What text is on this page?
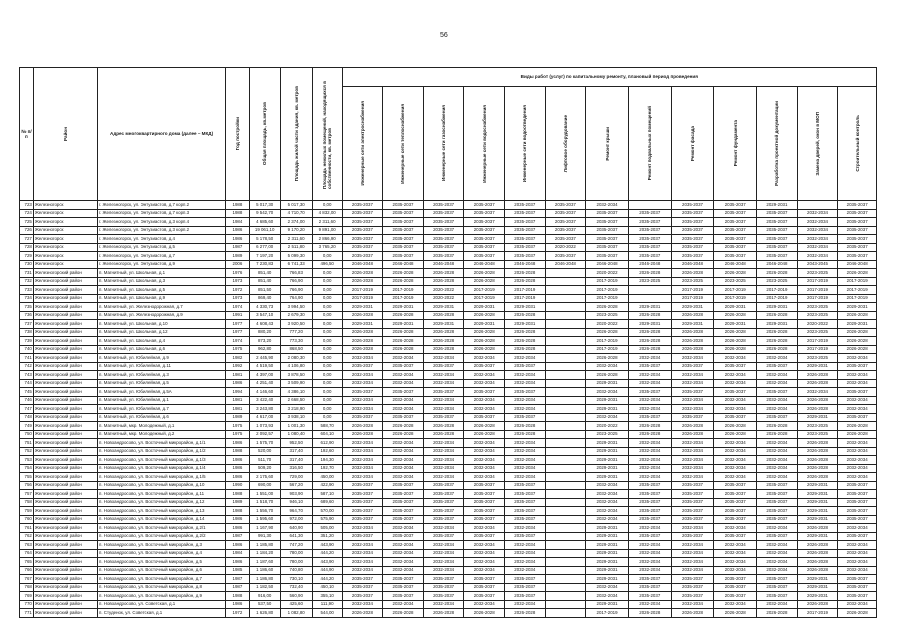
56
№ п/п	Район	Адрес многоквартирного дома (далее – МКД)	Год постройки	Общая площадь, кв.метров	Площадь жилой части здания, кв. метров	Площадь нежилых помещений, находящихся в собственности, кв. метров	Виды работ (услуг) по капитальному ремонту, плановый период проведения												

							Инженерные сети электроснабжения	Инженерные сети теплоснабжения	Инженерные сети газоснабжения	Инженерные сети водоснабжения	Инженерные сети водоотведения	Лифтовое оборудование	Ремонт крыши	Ремонт подвальных помещений	Ремонт фасада	Ремонт фундамента	Разработка проектной документации	Замена дверей, окон в МОП	Строительный контроль

723	Железногорск	г. Железногорск, ул. Энтузиастов, д.7 корп.2	1988	5 017,30	5 017,30	0,00	2035-2037	2035-2037	2035-2037	2035-2037	2035-2037	2035-2037	2032-2034		2035-2037	2035-2037	2029-2031		2035-2037
724	Железногорск	г. Железногорск, ул. Энтузиастов, д.7 корп.3	1988	9 542,70	4 710,70	4 832,00	2035-2037	2035-2037	2035-2037	2035-2037	2035-2037	2035-2037	2035-2037	2035-2037	2035-2037	2035-2037	2035-2037	2032-2034	2035-2037
725	Железногорск	г. Железногорск, ул. Энтузиастов, д.3 корп.4	1984	4 685,60	2 374,00	2 311,60	2035-2037	2035-2037	2035-2037	2035-2037	2035-2037	2035-2037	2035-2037	2035-2037	2035-2037	2035-2037	2035-2037	2032-2034	2035-2037
726	Железногорск	г. Железногорск, ул. Энтузиастов, д.3 корп.2	1986	19 061,10	9 170,20	9 891,00	2035-2037	2035-2037	2035-2037	2035-2037	2035-2037	2035-2037	2035-2037	2035-2037	2035-2037	2035-2037	2035-2037	2032-2034	2035-2037
727	Железногорск	г. Железногорск, ул. Энтузиастов, д.4	1986	5 178,50	2 311,60	2 866,90	2035-2037	2035-2037	2035-2037	2035-2037	2035-2037	2035-2037	2035-2037	2035-2037	2035-2037	2035-2037	2035-2037	2032-2034	2035-2037
728	Железногорск	г. Железногорск, ул. Энтузиастов, д.5	1987	6 277,00	2 511,80	3 765,20	2035-2037	2035-2037	2035-2037	2035-2037	2035-2037	2020-2022	2035-2037	2035-2037	2035-2037	2035-2037	2035-2037	2032-2034	2035-2037
729	Железногорск	г. Железногорск, ул. Энтузиастов, д.7	1989	7 197,20	5 099,30	0,00	2035-2037	2035-2037	2035-2037	2035-2037	2035-2037	2035-2037	2035-2037	2035-2037	2035-2037	2035-2037	2035-2037	2032-2034	2035-2037
730	Железногорск	г. Железногорск, ул. Энтузиастов, д.9	2006	7 230,83	6 741,33	496,50	2046-2048	2046-2048	2046-2048	2046-2048	2046-2048	2046-2048	2046-2048	2046-2048	2046-2048	2046-2048	2046-2048	2043-2045	2046-2048
731	Железногорский район	п. Магнитный, ул. Школьная, д.1	1976	851,40	766,83	0,00	2026-2028	2026-2028	2026-2028	2026-2028	2026-2028		2020-2022	2026-2028	2026-2028	2026-2028	2026-2028	2023-2025	2026-2028
732	Железногорский район	п. Магнитный, ул. Школьная, д.3	1973	851,40	766,90	0,00	2026-2028	2026-2028	2026-2028	2026-2028	2026-2028		2017-2019	2023-2025	2023-2025	2023-2025	2023-2025	2017-2019	2017-2019
733	Железногорский район	п. Магнитный, ул. Школьная, д.5	1972	851,50	766,90	0,00	2017-2019	2017-2019	2020-2022	2017-2019	2017-2019		2017-2019		2017-2019	2017-2019	2017-2019	2017-2019	2017-2019
734	Железногорский район	п. Магнитный, ул. Школьная, д.9	1973	869,40	764,90	0,00	2017-2019	2017-2019	2020-2022	2017-2019	2017-2019		2017-2019		2017-2019	2017-2019	2017-2019	2017-2019	2017-2019
735	Железногорский район	п. Магнитный, ул. Железнодорожная, д.7	1974	4 330,73	3 994,50	0,00	2029-2031	2029-2031	2029-2031	2029-2031	2029-2031		2026-2028	2029-2031	2029-2031	2029-2031	2029-2031	2023-2025	2029-2031
736	Железногорский район	п. Магнитный, ул. Железнодорожная, д.9	1991	3 547,10	2 679,30	0,00	2026-2028	2026-2028	2026-2028	2026-2028	2026-2028		2023-2025	2026-2028	2026-2028	2026-2028	2026-2028	2023-2025	2026-2028
737	Железногорский район	п. Магнитный, ул. Школьная, д.10	1977	4 608,43	3 920,50	0,00	2029-2031	2029-2031	2029-2031	2029-2031	2029-2031		2020-2022	2029-2031	2029-2031	2029-2031	2029-2031	2020-2022	2029-2031
738	Железногорский район	п. Магнитный, ул. Школьная, д.12	1977	880,20	777,20	0,00	2026-2028	2026-2028	2026-2028	2026-2028	2026-2028		2026-2028	2026-2028	2026-2028	2026-2028	2026-2028	2023-2025	2026-2028
739	Железногорский район	п. Магнитный, ул. Школьная, д.4	1974	873,20	773,30	0,00	2026-2028	2026-2028	2026-2028	2026-2028	2026-2028		2017-2019	2026-2028	2026-2028	2026-2028	2026-2028	2017-2019	2026-2028
740	Железногорский район	п. Магнитный, ул. Школьная, д.6	1975	962,80	868,50	0,00	2026-2028	2026-2028	2026-2028	2026-2028	2026-2028		2017-2019	2026-2028	2026-2028	2026-2028	2026-2028	2017-2019	2026-2028
741	Железногорский район	п. Магнитный, ул. Юбилейная, д.9	1982	2 445,90	2 080,30	0,00	2032-2034	2032-2034	2032-2034	2032-2034	2032-2034		2026-2028	2032-2034	2032-2034	2032-2034	2032-2034	2023-2025	2032-2034
742	Железногорский район	п. Магнитный, ул. Юбилейная, д.11	1992	4 519,50	4 106,80	0,00	2035-2037	2035-2037	2035-2037	2035-2037	2035-2037		2032-2034	2035-2037	2035-2037	2035-2037	2035-2037	2029-2031	2035-2037
743	Железногорский район	п. Магнитный, ул. Юбилейная, д.3	1981	4 397,00	3 878,50	0,00	2032-2034	2032-2034	2032-2034	2032-2034	2032-2034		2026-2028	2032-2034	2032-2034	2032-2034	2032-2034	2026-2028	2032-2034
744	Железногорский район	п. Магнитный, ул. Юбилейная, д.5	1986	4 251,40	3 509,90	0,00	2032-2034	2032-2034	2032-2034	2032-2034	2032-2034		2029-2031	2032-2034	2032-2034	2032-2034	2032-2034	2026-2028	2032-2034
745	Железногорский район	п. Магнитный, ул. Юбилейная, д.5А	1994	4 146,60	4 386,10	0,00	2035-2037	2035-2037	2035-2037	2035-2037	2035-2037		2032-2034	2035-2037	2035-2037	2035-2037	2035-2037	2032-2034	2035-2037
746	Железногорский район	п. Магнитный, ул. Юбилейная, д.1	1981	3 422,40	2 668,50	0,00	2032-2034	2032-2034	2032-2034	2032-2034	2032-2034		2029-2031	2032-2034	2032-2034	2032-2034	2032-2034	2026-2028	2032-2034
747	Железногорский район	п. Магнитный, ул. Юбилейная, д.7	1981	3 243,80	3 218,90	0,00	2032-2034	2032-2034	2032-2034	2032-2034	2032-2034		2029-2031	2032-2034	2032-2034	2032-2034	2032-2034	2026-2028	2032-2034
748	Железногорский район	п. Магнитный, ул. Юбилейная, д.6	1989	4 617,00	3 938,10	0,00	2035-2037	2035-2037	2035-2037	2035-2037	2035-2037		2032-2034	2035-2037	2035-2037	2035-2037	2035-2037	2029-2031	2035-2037
749	Железногорский район	п. Магнитный, мкр. Молодежный, д.1	1975	1 073,93	1 001,30	588,70	2026-2028	2026-2028	2026-2028	2026-2028	2026-2028		2020-2022	2026-2028	2026-2028	2026-2028	2026-2028	2023-2025	2026-2028
750	Железногорский район	п. Магнитный, мкр. Молодежный, д.2	1975	2 092,57	1 080,40	604,10	2026-2028	2026-2028	2026-2028	2026-2028	2026-2028		2023-2025	2026-2028	2026-2028	2026-2028	2026-2028	2023-2025	2026-2028
751	Железногорский район	п. Новоандросово, ул. Восточный микрорайон, д.1/1	1986	1 575,70	952,50	612,90	2032-2034	2032-2034	2032-2034	2032-2034	2032-2034		2029-2031	2032-2034	2032-2034	2032-2034	2032-2034	2026-2028	2032-2034
752	Железногорский район	п. Новоандросово, ул. Восточный микрорайон, д.1/2	1988	520,00	317,40	192,60	2032-2034	2032-2034	2032-2034	2032-2034	2032-2034		2029-2031	2032-2034	2032-2034	2032-2034	2032-2034	2026-2028	2032-2034
753	Железногорский район	п. Новоандросово, ул. Восточный микрорайон, д.1/3	1986	511,70	317,40	194,30	2032-2034	2032-2034	2032-2034	2032-2034	2032-2034		2029-2031	2032-2034	2032-2034	2032-2034	2032-2034	2026-2028	2032-2034
754	Железногорский район	п. Новоандросово, ул. Восточный микрорайон, д.1/4	1986	509,20	316,50	192,70	2032-2034	2032-2034	2032-2034	2032-2034	2032-2034		2029-2031	2032-2034	2032-2034	2032-2034	2032-2034	2026-2028	2032-2034
755	Железногорский район	п. Новоандросово, ул. Восточный микрорайон, д.1/5	1986	2 175,60	729,00	450,00	2032-2034	2032-2034	2032-2034	2032-2034	2032-2034		2029-2031	2032-2034	2032-2034	2032-2034	2032-2034	2026-2028	2032-2034
756	Железногорский район	п. Новоандросово, ул. Восточный микрорайон, д.10	1990	690,00	567,20	422,90	2035-2037	2035-2037	2035-2037	2035-2037	2035-2037		2032-2034	2035-2037	2035-2037	2035-2037	2035-2037	2029-2031	2035-2037
757	Железногорский район	п. Новоандросово, ул. Восточный микрорайон, д.11	1988	1 551,00	903,90	587,10	2035-2037	2035-2037	2035-2037	2035-2037	2035-2037		2032-2034	2035-2037	2035-2037	2035-2037	2035-2037	2029-2031	2035-2037
758	Железногорский район	п. Новоандросово, ул. Восточный микрорайон, д.12	1989	1 518,70	946,10	689,60	2035-2037	2035-2037	2035-2037	2035-2037	2035-2037		2032-2034	2035-2037	2035-2037	2035-2037	2035-2037	2029-2031	2035-2037
759	Железногорский район	п. Новоандросово, ул. Восточный микрорайон, д.13	1988	1 556,70	964,70	570,00	2035-2037	2035-2037	2035-2037	2035-2037	2035-2037		2032-2034	2035-2037	2035-2037	2035-2037	2035-2037	2029-2031	2035-2037
760	Железногорский район	п. Новоандросово, ул. Восточный микрорайон, д.14	1986	1 595,60	972,00	575,90	2035-2037	2035-2037	2035-2037	2035-2037	2035-2037		2032-2034	2035-2037	2035-2037	2035-2037	2035-2037	2029-2031	2035-2037
761	Железногорский район	п. Новоандросово, ул. Восточный микрорайон, д.2/1	1986	1 167,90	640,90	505,00	2032-2034	2032-2034	2032-2034	2032-2034	2032-2034		2029-2031	2032-2034	2032-2034	2032-2034	2032-2034	2026-2028	2032-2034
762	Железногорский район	п. Новоандросово, ул. Восточный микрорайон, д.2/2	1987	991,30	641,30	351,20	2035-2037	2035-2037	2035-2037	2035-2037	2035-2037		2029-2031	2035-2037	2035-2037	2035-2037	2035-2037	2029-2031	2035-2037
763	Железногорский район	п. Новоандросово, ул. Восточный микрорайон, д.3	1986	1 185,80	747,20	443,90	2032-2034	2032-2034	2032-2034	2032-2034	2032-2034		2029-2031	2032-2034	2032-2034	2032-2034	2032-2034	2026-2028	2032-2034
764	Железногорский район	п. Новоандросово, ул. Восточный микрорайон, д.4	1984	1 184,20	780,00	444,20	2032-2034	2032-2034	2032-2034	2032-2034	2032-2034		2029-2031	2032-2034	2032-2034	2032-2034	2032-2034	2026-2028	2032-2034
765	Железногорский район	п. Новоандросово, ул. Восточный микрорайон, д.5	1986	1 187,60	780,00	443,90	2032-2034	2032-2034	2032-2034	2032-2034	2032-2034		2029-2031	2032-2034	2032-2034	2032-2034	2032-2034	2026-2028	2032-2034
766	Железногорский район	п. Новоандросово, ул. Восточный микрорайон, д.6	1985	1 186,60	740,80	444,90	2032-2034	2032-2034	2032-2034	2032-2034	2032-2034		2029-2031	2032-2034	2032-2034	2032-2034	2032-2034	2026-2028	2032-2034
767	Железногорский район	п. Новоандросово, ул. Восточный микрорайон, д.7	1987	1 186,80	730,10	444,20	2035-2037	2035-2037	2035-2037	2035-2037	2035-2037		2029-2031	2035-2037	2035-2037	2035-2037	2035-2037	2029-2031	2035-2037
768	Железногорский район	п. Новоандросово, ул. Восточный микрорайон, д.8	1987	1 182,50	732,40	450,10	2035-2037	2035-2037	2035-2037	2035-2037	2035-2037		2032-2034	2035-2037	2035-2037	2035-2037	2035-2037	2029-2031	2035-2037
769	Железногорский район	п. Новоандросово, ул. Восточный микрорайон, д.9	1988	916,00	560,90	355,10	2035-2037	2035-2037	2035-2037	2035-2037	2035-2037		2032-2034	2035-2037	2035-2037	2035-2037	2035-2037	2029-2031	2035-2037
770	Железногорский район	п. Новоандросово, ул. Советская, д.1	1986	537,50	425,60	111,90	2032-2034	2032-2034	2032-2034	2032-2034	2032-2034		2029-2031	2032-2034	2032-2034	2032-2034	2032-2034	2026-2028	2032-2034
771	Железногорский район	п. Студенок, ул. Советская, д.1	1972	1 626,80	1 082,80	544,00	2026-2028	2026-2028	2026-2028	2026-2028	2026-2028		2017-2019	2026-2028	2026-2028	2026-2028	2026-2028	2017-2019	2026-2028
